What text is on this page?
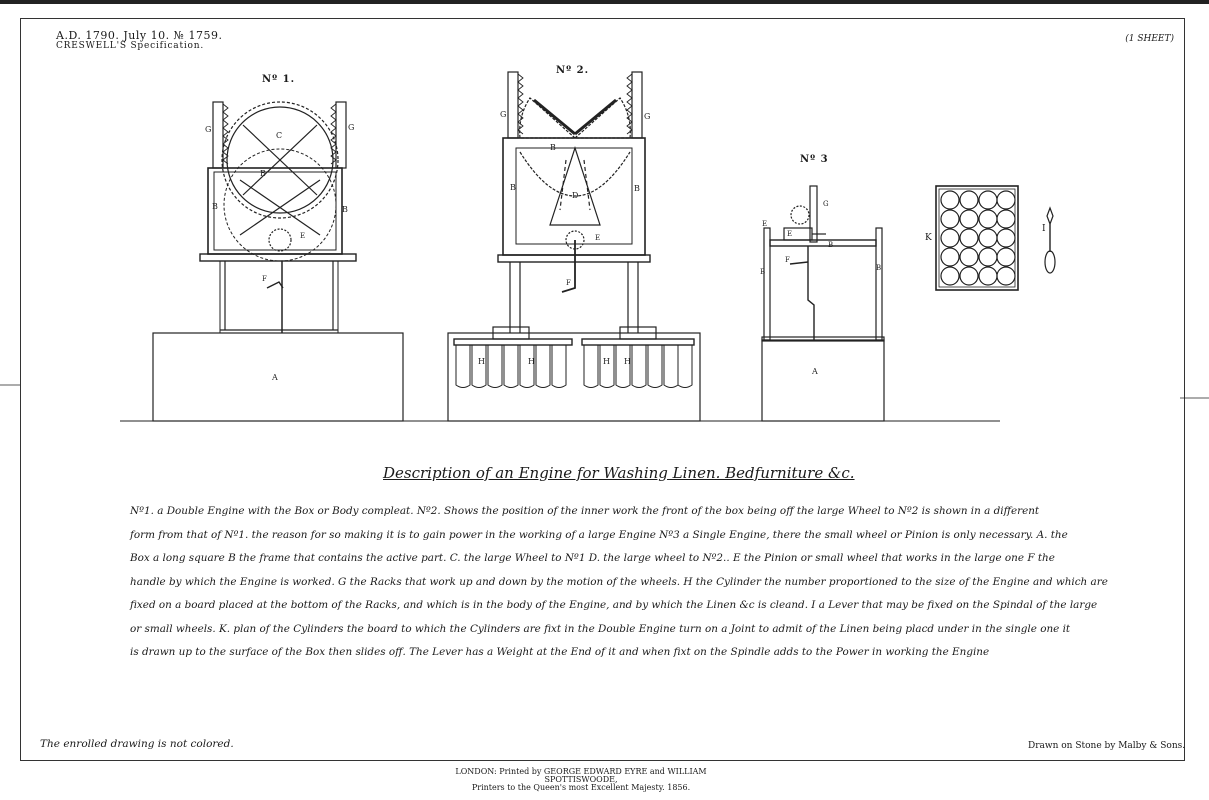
A.D. 1790. July 10. № 1759.
CRESWELL'S Specification.
(1 SHEET)
G	G
C
B
B	B
E
F
A
G	G
B
B	B
D
E
F
H	H	H H
G
E
E
B
B	B
F
A
Nº 1.
Nº 2.
Nº 3
K
I
Description of an Engine for Washing Linen. Bedfurniture &c.
Nº1. a Double Engine with the Box or Body compleat. Nº2. Shows the position of the inner work the front of the box being off the large Wheel to Nº2 is shown in a different
form from that of Nº1. the reason for so making it is to gain power in the working of a large Engine Nº3 a Single Engine, there the small wheel or Pinion is only necessary. A. the
Box a long square B the frame that contains the active part. C. the large Wheel to Nº1 D. the large wheel to Nº2.. E the Pinion or small wheel that works in the large one F the
handle by which the Engine is worked. G the Racks that work up and down by the motion of the wheels. H the Cylinder the number proportioned to the size of the Engine and which are
fixed on a board placed at the bottom of the Racks, and which is in the body of the Engine, and by which the Linen &c is cleand. I a Lever that may be fixed on the Spindal of the large
or small wheels. K. plan of the Cylinders the board to which the Cylinders are fixt in the Double Engine turn on a Joint to admit of the Linen being placd under in the single one it
is drawn up to the surface of the Box then slides off. The Lever has a Weight at the End of it and when fixt on the Spindle adds to the Power in working the Engine
The enrolled drawing is not colored.	Drawn on Stone by Malby & Sons.
LONDON: Printed by GEORGE EDWARD EYRE and WILLIAM SPOTTISWOODE,
Printers to the Queen's most Excellent Majesty. 1856.
